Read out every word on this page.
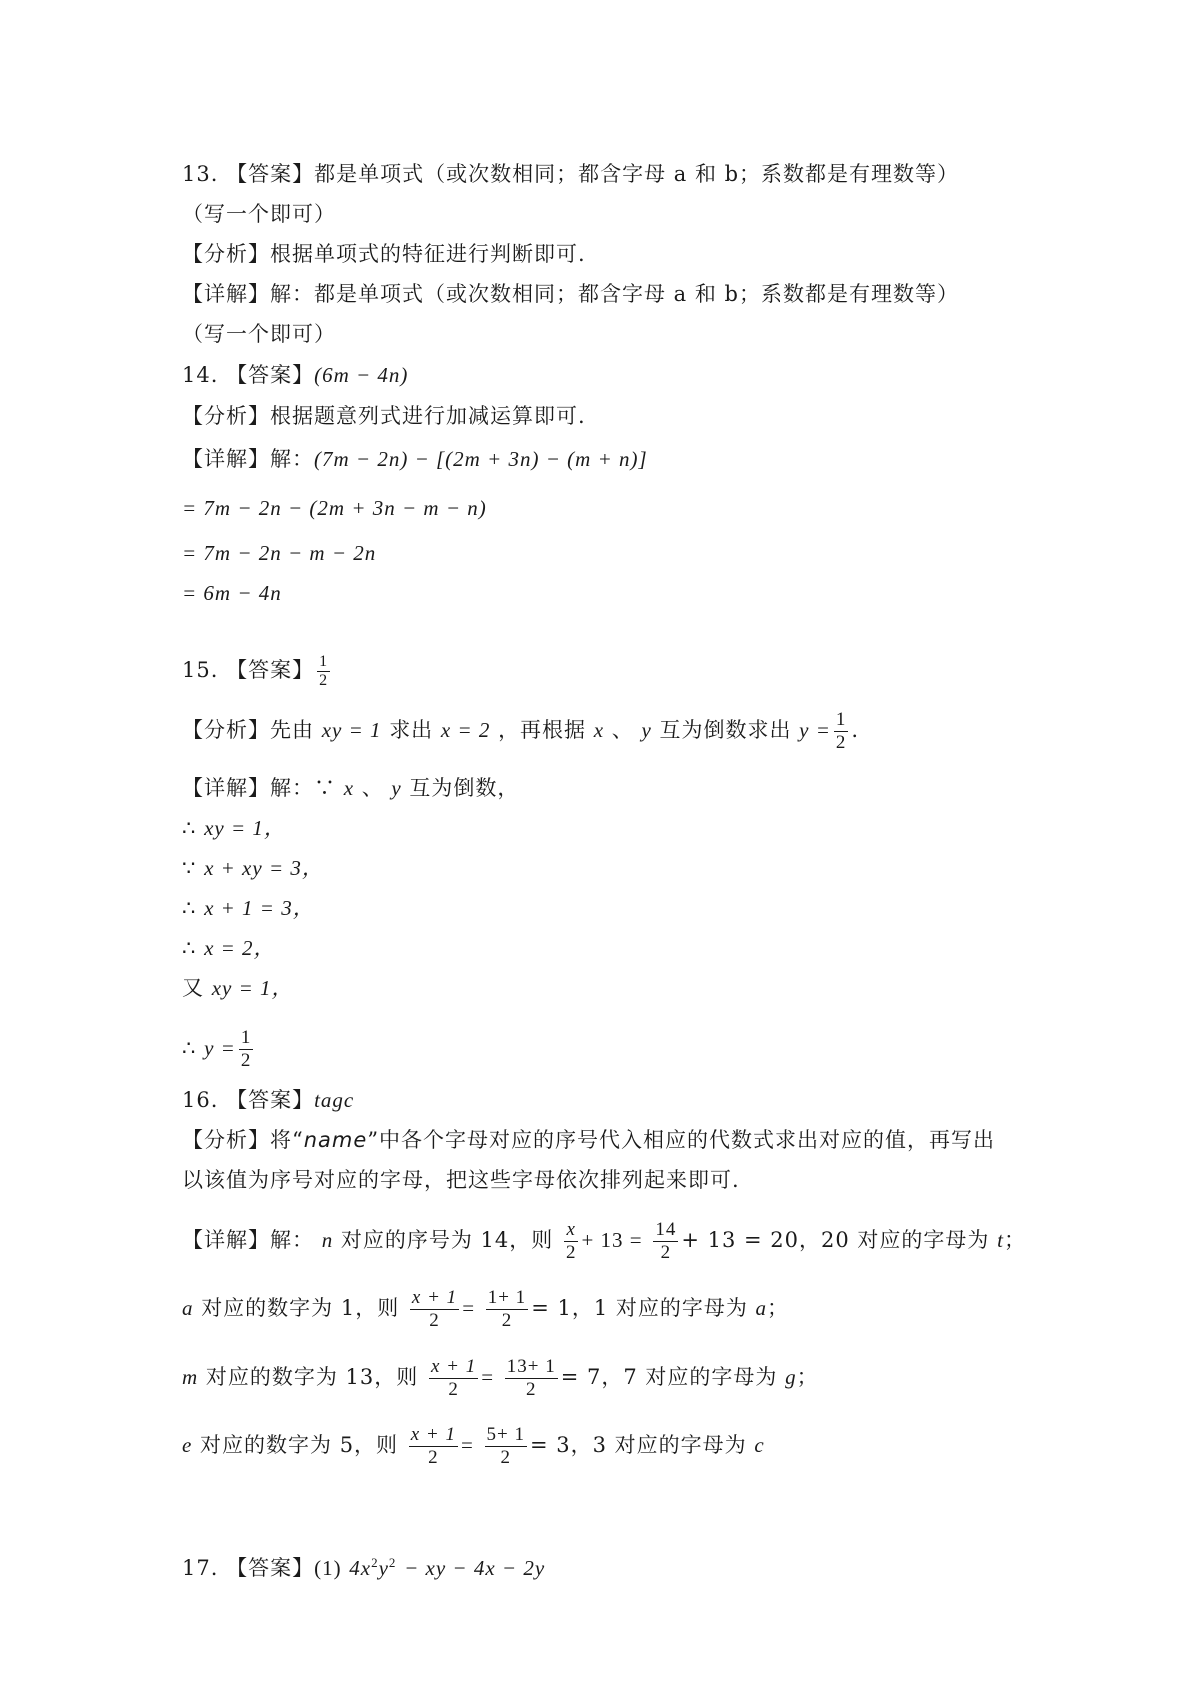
13. 【答案】都是单项式（或次数相同；都含字母 a 和 b；系数都是有理数等）
（写一个即可）
【分析】根据单项式的特征进行判断即可.
【详解】解：都是单项式（或次数相同；都含字母 a 和 b；系数都是有理数等）
（写一个即可）
14. 【答案】(6m − 4n)
【分析】根据题意列式进行加减运算即可.
【详解】解：(7m − 2n) − [(2m + 3n) − (m + n)]
= 7m − 2n − (2m + 3n − m − n)
= 7m − 2n − m − 2n
= 6m − 4n
15. 【答案】 $\frac{1}{2}$
【分析】先由 xy = 1 求出 x = 2 ，再根据 x 、 y 互为倒数求出 $y = \frac{1}{2}$ .
【详解】解：∵ x 、 y 互为倒数，
∴ xy = 1，
∵ x + xy = 3，
∴ x + 1 = 3，
∴ x = 2，
又 xy = 1，
∴ $y = \frac{1}{2}$
16. 【答案】tagc
【分析】将“name”中各个字母对应的序号代入相应的代数式求出对应的值，再写出
以该值为序号对应的字母，把这些字母依次排列起来即可.
【详解】解： n 对应的序号为 14，则 $\frac{x}{2} + 13 = \frac{14}{2} + 13 = 20$，20 对应的字母为 t；
a 对应的数字为 1，则 $\frac{x + 1}{2} = \frac{1+ 1}{2} = 1$，1 对应的字母为 a；
m 对应的数字为 13，则 $\frac{x + 1}{2} = \frac{13+ 1}{2} = 7$，7 对应的字母为 g；
e 对应的数字为 5，则 $\frac{x + 1}{2} = \frac{5+ 1}{2} = 3$，3 对应的字母为 c
17. 【答案】(1) $4x^2y^2$ − xy − 4x − 2y
